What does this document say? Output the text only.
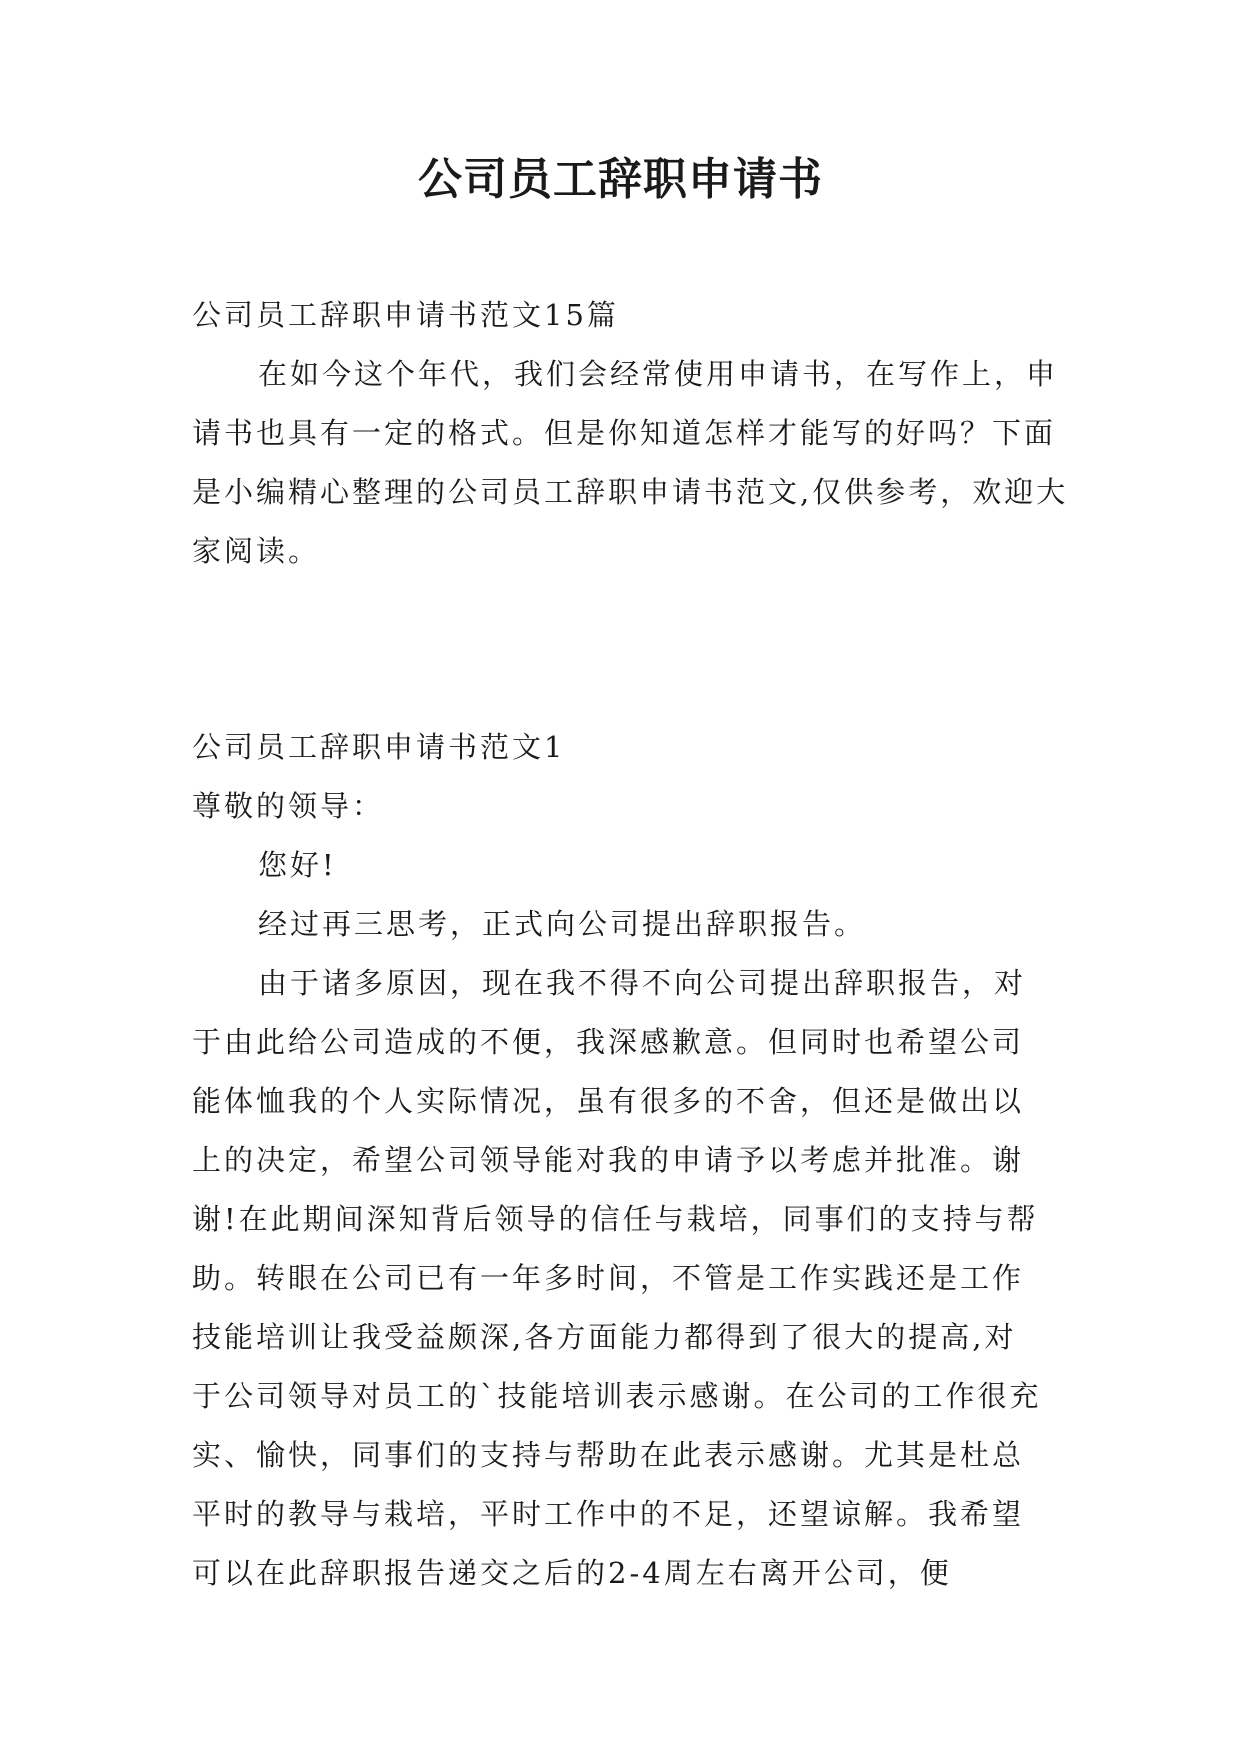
公司员工辞职申请书

公司员工辞职申请书范文15篇

在如今这个年代，我们会经常使用申请书，在写作上，申请书也具有一定的格式。但是你知道怎样才能写的好吗？下面是小编精心整理的公司员工辞职申请书范文,仅供参考，欢迎大家阅读。

公司员工辞职申请书范文1

尊敬的领导：

您好!

经过再三思考，正式向公司提出辞职报告。

由于诸多原因，现在我不得不向公司提出辞职报告，对于由此给公司造成的不便，我深感歉意。但同时也希望公司能体恤我的个人实际情况，虽有很多的不舍，但还是做出以上的决定，希望公司领导能对我的申请予以考虑并批准。谢谢!在此期间深知背后领导的信任与栽培，同事们的支持与帮助。转眼在公司已有一年多时间，不管是工作实践还是工作技能培训让我受益颇深,各方面能力都得到了很大的提高,对于公司领导对员工的`技能培训表示感谢。在公司的工作很充实、愉快，同事们的支持与帮助在此表示感谢。尤其是杜总平时的教导与栽培，平时工作中的不足，还望谅解。我希望可以在此辞职报告递交之后的2-4周左右离开公司，便
